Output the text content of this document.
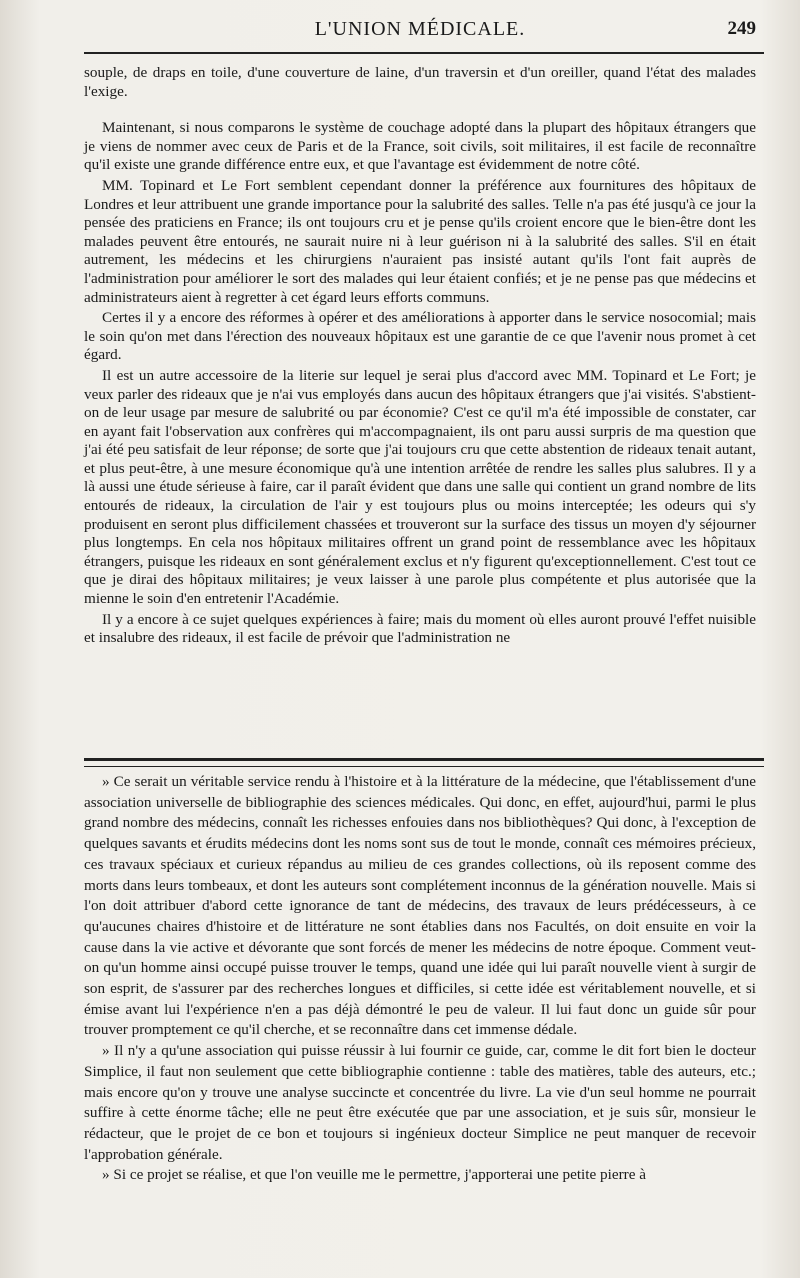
L'UNION MÉDICALE.	249

souple, de draps en toile, d'une couverture de laine, d'un traversin et d'un oreiller, quand l'état des malades l'exige.

Maintenant, si nous comparons le système de couchage adopté dans la plupart des hôpitaux étrangers que je viens de nommer avec ceux de Paris et de la France, soit civils, soit militaires, il est facile de reconnaître qu'il existe une grande différence entre eux, et que l'avantage est évidemment de notre côté.

MM. Topinard et Le Fort semblent cependant donner la préférence aux fournitures des hôpitaux de Londres et leur attribuent une grande importance pour la salubrité des salles. Telle n'a pas été jusqu'à ce jour la pensée des praticiens en France; ils ont toujours cru et je pense qu'ils croient encore que le bien-être dont les malades peuvent être entourés, ne saurait nuire ni à leur guérison ni à la salubrité des salles. S'il en était autrement, les médecins et les chirurgiens n'auraient pas insisté autant qu'ils l'ont fait auprès de l'administration pour améliorer le sort des malades qui leur étaient confiés; et je ne pense pas que médecins et administrateurs aient à regretter à cet égard leurs efforts communs.

Certes il y a encore des réformes à opérer et des améliorations à apporter dans le service nosocomial; mais le soin qu'on met dans l'érection des nouveaux hôpitaux est une garantie de ce que l'avenir nous promet à cet égard.

Il est un autre accessoire de la literie sur lequel je serai plus d'accord avec MM. Topinard et Le Fort; je veux parler des rideaux que je n'ai vus employés dans aucun des hôpitaux étrangers que j'ai visités. S'abstient-on de leur usage par mesure de salubrité ou par économie? C'est ce qu'il m'a été impossible de constater, car en ayant fait l'observation aux confrères qui m'accompagnaient, ils ont paru aussi surpris de ma question que j'ai été peu satisfait de leur réponse; de sorte que j'ai toujours cru que cette abstention de rideaux tenait autant, et plus peut-être, à une mesure économique qu'à une intention arrêtée de rendre les salles plus salubres. Il y a là aussi une étude sérieuse à faire, car il paraît évident que dans une salle qui contient un grand nombre de lits entourés de rideaux, la circulation de l'air y est toujours plus ou moins interceptée; les odeurs qui s'y produisent en seront plus difficilement chassées et trouveront sur la surface des tissus un moyen d'y séjourner plus longtemps. En cela nos hôpitaux militaires offrent un grand point de ressemblance avec les hôpitaux étrangers, puisque les rideaux en sont généralement exclus et n'y figurent qu'exceptionnellement. C'est tout ce que je dirai des hôpitaux militaires; je veux laisser à une parole plus compétente et plus autorisée que la mienne le soin d'en entretenir l'Académie.

Il y a encore à ce sujet quelques expériences à faire; mais du moment où elles auront prouvé l'effet nuisible et insalubre des rideaux, il est facile de prévoir que l'administration ne

» Ce serait un véritable service rendu à l'histoire et à la littérature de la médecine, que l'établissement d'une association universelle de bibliographie des sciences médicales. Qui donc, en effet, aujourd'hui, parmi le plus grand nombre des médecins, connaît les richesses enfouies dans nos bibliothèques? Qui donc, à l'exception de quelques savants et érudits médecins dont les noms sont sus de tout le monde, connaît ces mémoires précieux, ces travaux spéciaux et curieux répandus au milieu de ces grandes collections, où ils reposent comme des morts dans leurs tombeaux, et dont les auteurs sont complétement inconnus de la génération nouvelle. Mais si l'on doit attribuer d'abord cette ignorance de tant de médecins, des travaux de leurs prédécesseurs, à ce qu'aucunes chaires d'histoire et de littérature ne sont établies dans nos Facultés, on doit ensuite en voir la cause dans la vie active et dévorante que sont forcés de mener les médecins de notre époque. Comment veut-on qu'un homme ainsi occupé puisse trouver le temps, quand une idée qui lui paraît nouvelle vient à surgir de son esprit, de s'assurer par des recherches longues et difficiles, si cette idée est véritablement nouvelle, et si émise avant lui l'expérience n'en a pas déjà démontré le peu de valeur. Il lui faut donc un guide sûr pour trouver promptement ce qu'il cherche, et se reconnaître dans cet immense dédale.

» Il n'y a qu'une association qui puisse réussir à lui fournir ce guide, car, comme le dit fort bien le docteur Simplice, il faut non seulement que cette bibliographie contienne : table des matières, table des auteurs, etc.; mais encore qu'on y trouve une analyse succincte et concentrée du livre. La vie d'un seul homme ne pourrait suffire à cette énorme tâche; elle ne peut être exécutée que par une association, et je suis sûr, monsieur le rédacteur, que le projet de ce bon et toujours si ingénieux docteur Simplice ne peut manquer de recevoir l'approbation générale.

» Si ce projet se réalise, et que l'on veuille me le permettre, j'apporterai une petite pierre à
